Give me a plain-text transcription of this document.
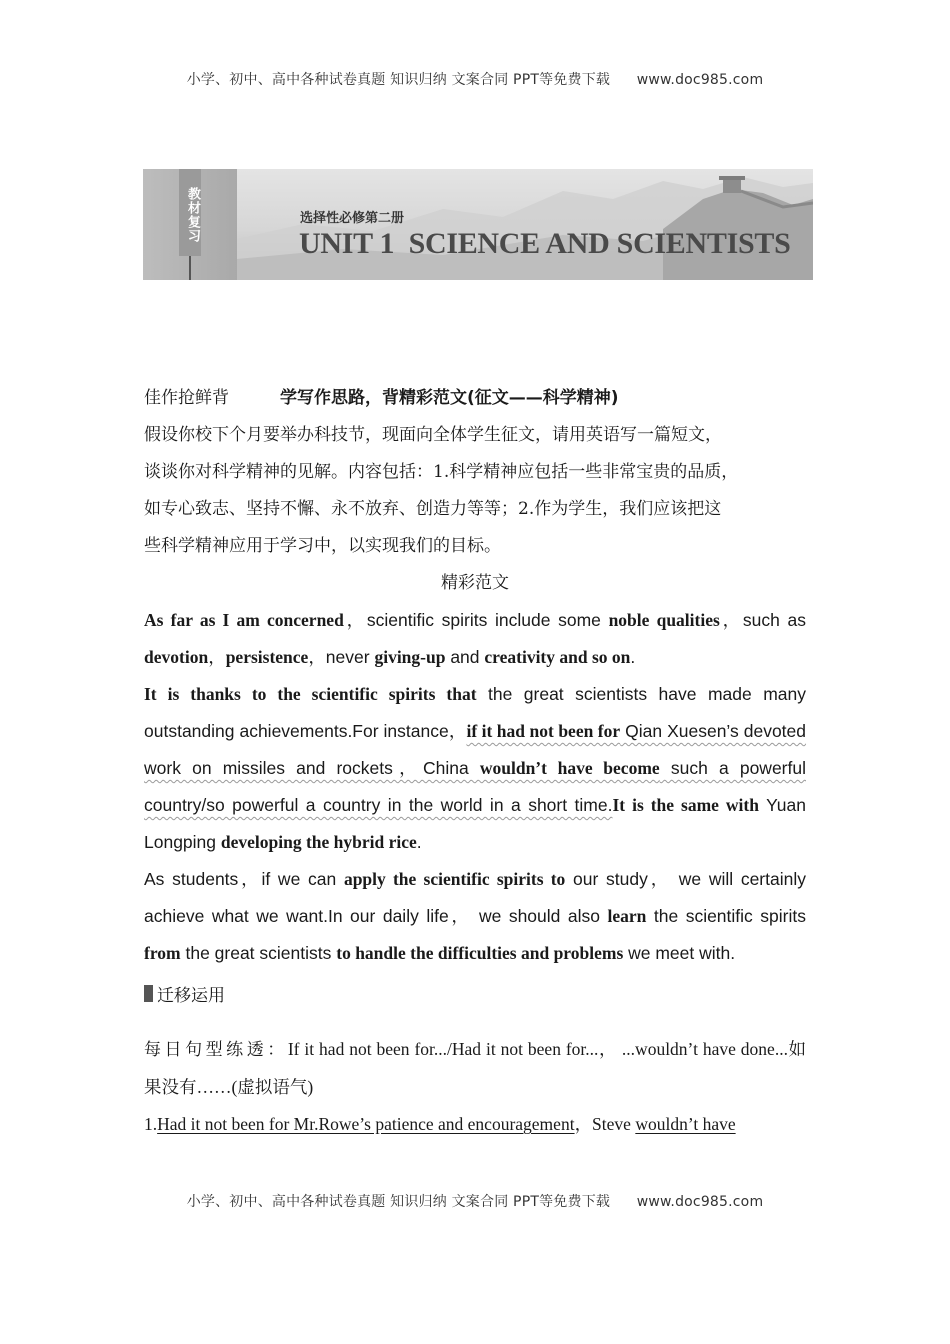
小学、初中、高中各种试卷真题 知识归纳 文案合同 PPT等免费下载 www.doc985.com
教材复习	选择性必修第二册
UNIT 1  SCIENCE AND SCIENTISTS
佳作抢鲜背	学写作思路，背精彩范文(征文——科学精神)
假设你校下个月要举办科技节，现面向全体学生征文，请用英语写一篇短文，
谈谈你对科学精神的见解。内容包括：1.科学精神应包括一些非常宝贵的品质，
如专心致志、坚持不懈、永不放弃、创造力等等；2.作为学生，我们应该把这
些科学精神应用于学习中，以实现我们的目标。
精彩范文

As far as I am concerned，scientific spirits include some noble qualities，such as devotion，persistence，never giving-up and creativity and so on.

It is thanks to the scientific spirits that the great scientists have made many outstanding achievements.For instance，if it had not been for Qian Xuesen’s devoted work on missiles and rockets，China wouldn’t have become such a powerful country/so powerful a country in the world in a short time.It is the same with Yuan Longping developing the hybrid rice.

As students，if we can apply the scientific spirits to our study， we will certainly achieve what we want.In our daily life， we should also learn the scientific spirits from the great scientists to handle the difficulties and problems we meet with.

迁移运用
每日句型练透：If it had not been for.../Had it not been for...， ...wouldn’t have done...如果没有……(虚拟语气)
1.Had it not been for Mr.Rowe’s patience and encouragement，Steve wouldn’t have
小学、初中、高中各种试卷真题 知识归纳 文案合同 PPT等免费下载 www.doc985.com
